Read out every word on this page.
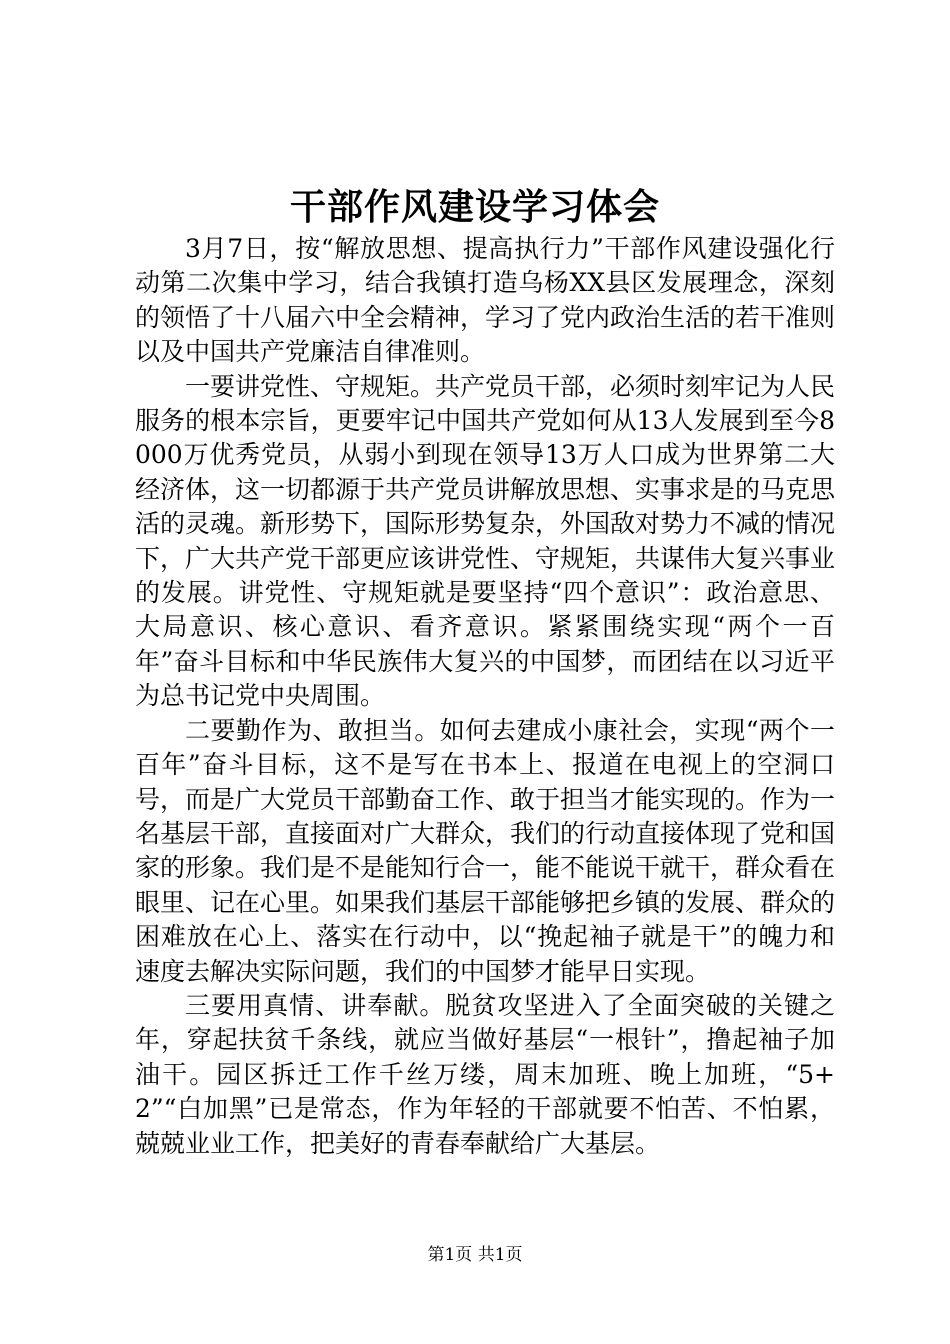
干部作风建设学习体会

3月7日，按“解放思想、提高执行力”干部作风建设强化行动第二次集中学习，结合我镇打造乌杨XX县区发展理念，深刻的领悟了十八届六中全会精神，学习了党内政治生活的若干准则以及中国共产党廉洁自律准则。

一要讲党性、守规矩。共产党员干部，必须时刻牢记为人民服务的根本宗旨，更要牢记中国共产党如何从13人发展到至今8000万优秀党员，从弱小到现在领导13万人口成为世界第二大经济体，这一切都源于共产党员讲解放思想、实事求是的马克思活的灵魂。新形势下，国际形势复杂，外国敌对势力不减的情况下，广大共产党干部更应该讲党性、守规矩，共谋伟大复兴事业的发展。讲党性、守规矩就是要坚持“四个意识”：政治意思、大局意识、核心意识、看齐意识。紧紧围绕实现“两个一百年”奋斗目标和中华民族伟大复兴的中国梦，而团结在以习近平为总书记党中央周围。

二要勤作为、敢担当。如何去建成小康社会，实现“两个一百年”奋斗目标，这不是写在书本上、报道在电视上的空洞口号，而是广大党员干部勤奋工作、敢于担当才能实现的。作为一名基层干部，直接面对广大群众，我们的行动直接体现了党和国家的形象。我们是不是能知行合一，能不能说干就干，群众看在眼里、记在心里。如果我们基层干部能够把乡镇的发展、群众的困难放在心上、落实在行动中，以“挽起袖子就是干”的魄力和速度去解决实际问题，我们的中国梦才能早日实现。

三要用真情、讲奉献。脱贫攻坚进入了全面突破的关键之年，穿起扶贫千条线，就应当做好基层“一根针”，撸起袖子加油干。园区拆迁工作千丝万缕，周末加班、晚上加班，“5+2”“白加黑”已是常态，作为年轻的干部就要不怕苦、不怕累，兢兢业业工作，把美好的青春奉献给广大基层。

第1页 共1页
